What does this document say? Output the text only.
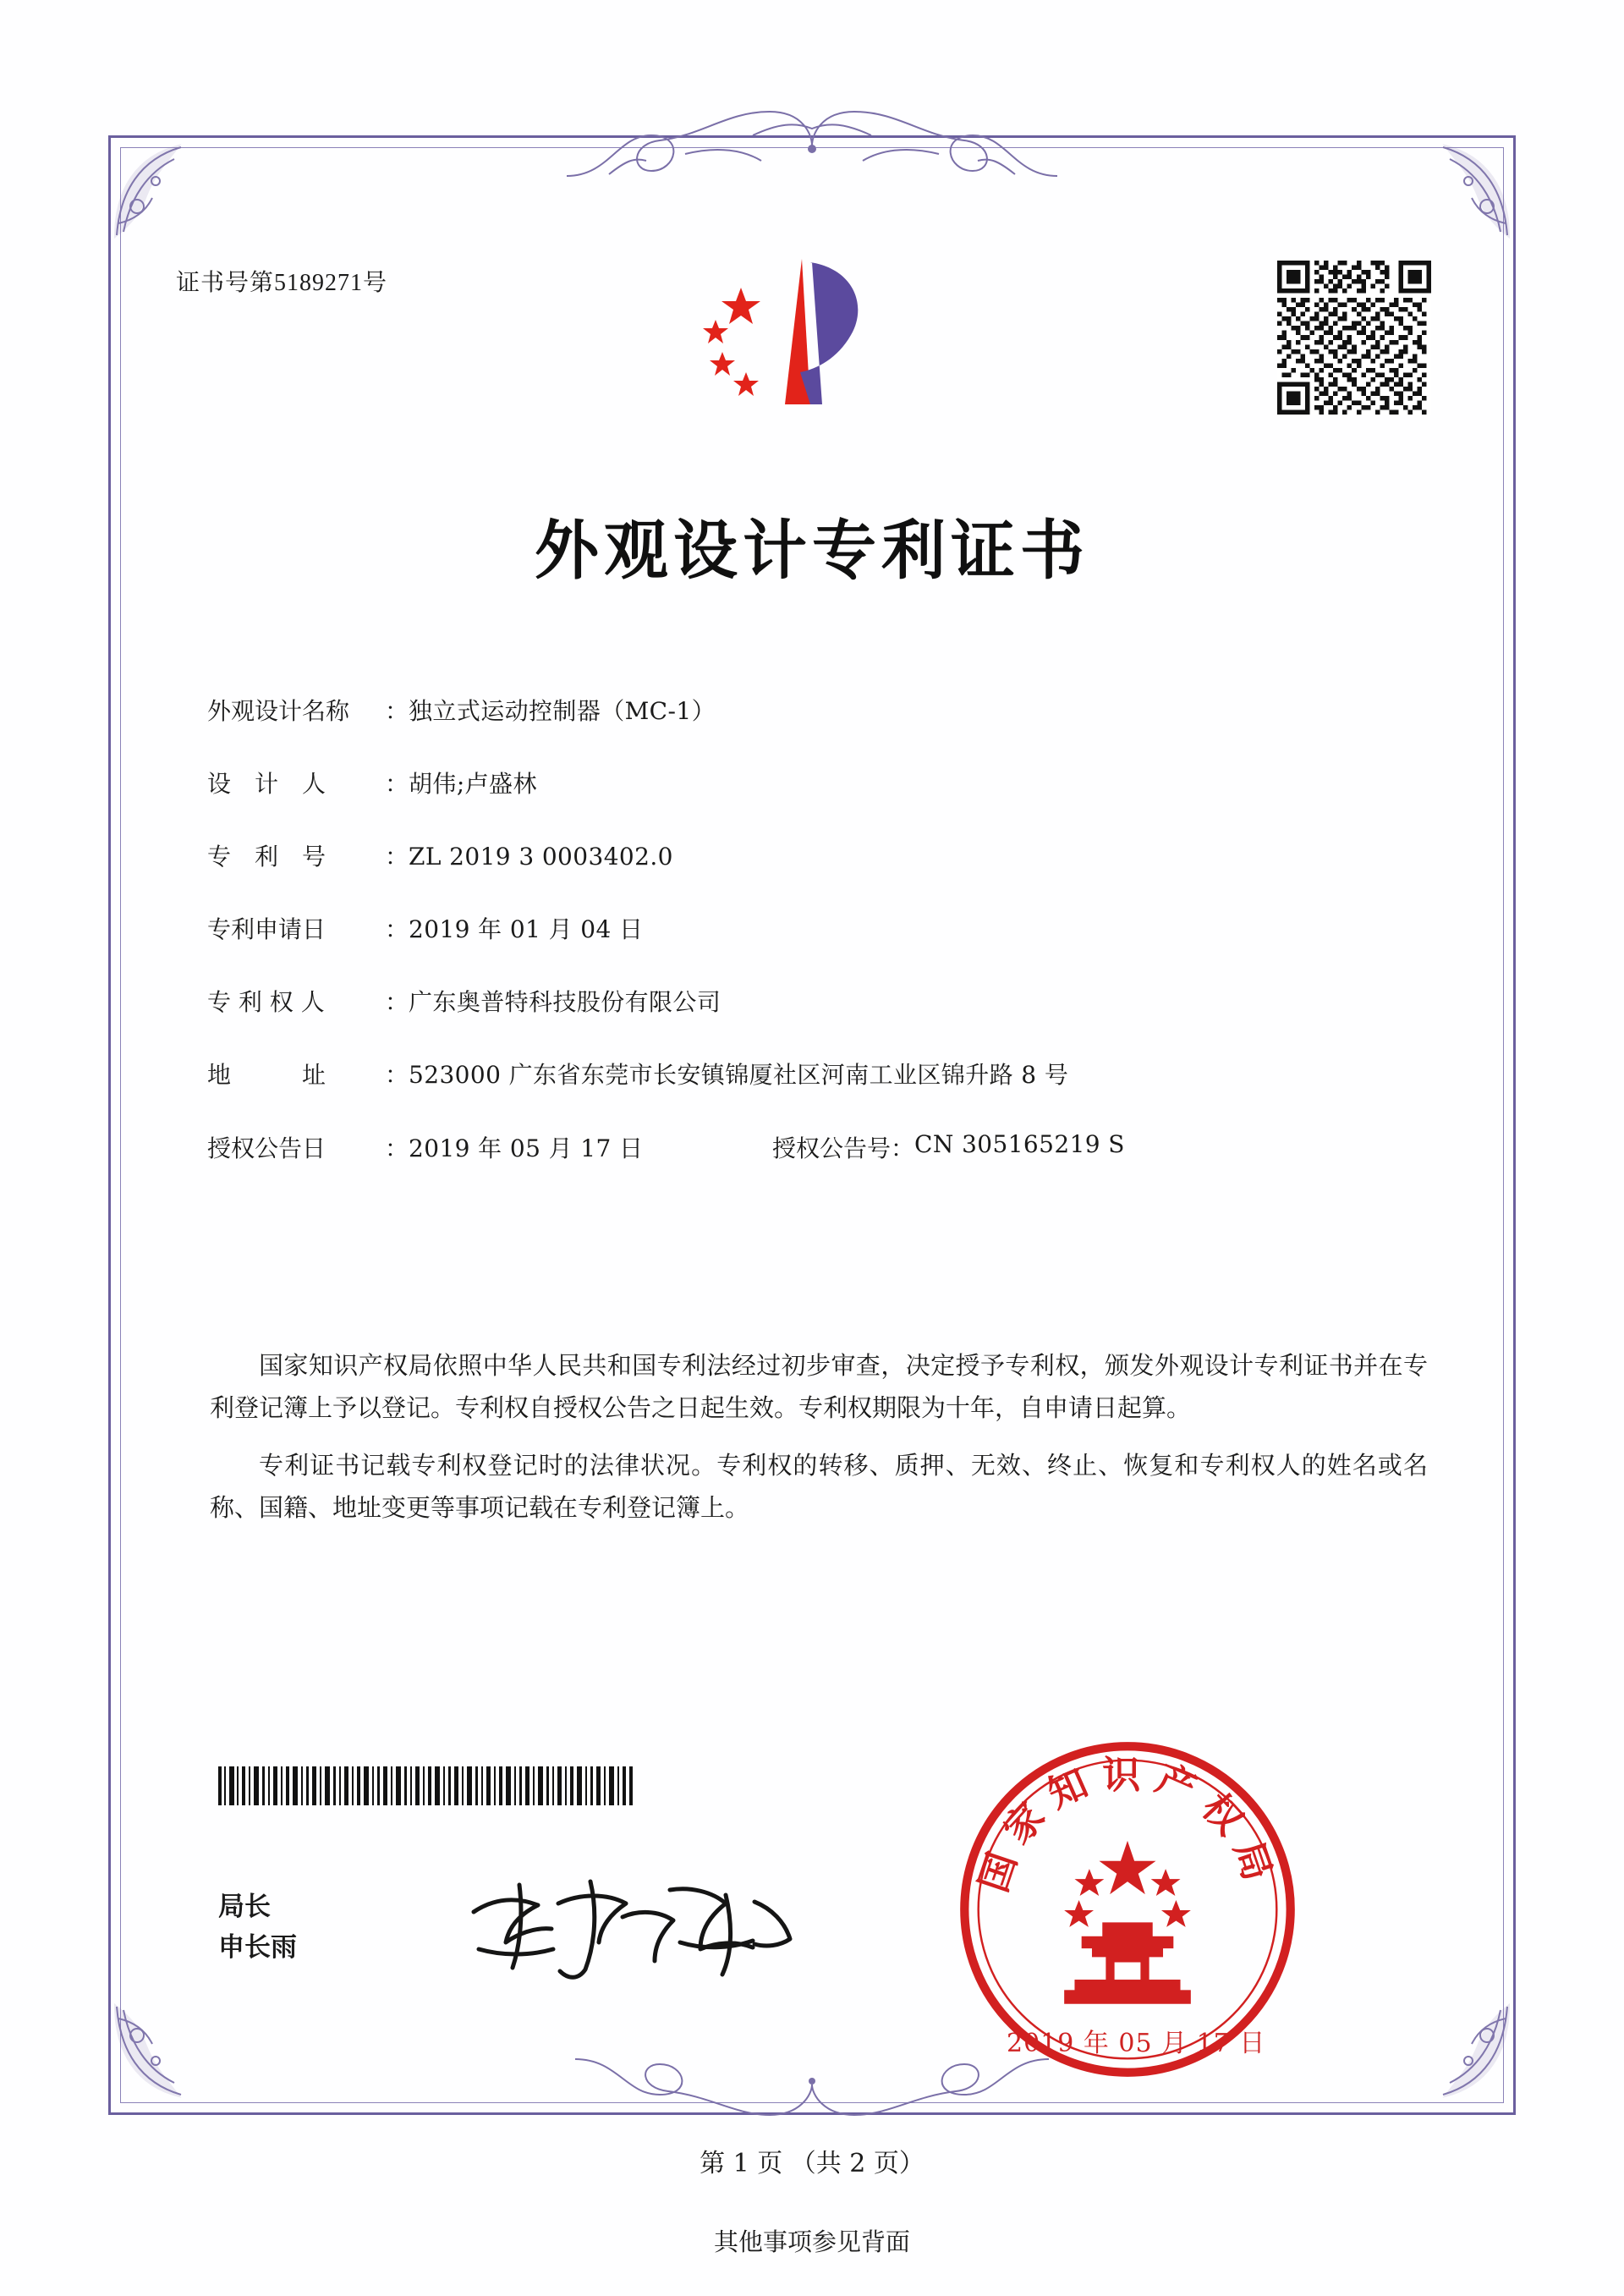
证书号第5189271号
外观设计专利证书
外观设计名称	： 独立式运动控制器（MC-1）
设　计　人	： 胡伟;卢盛林
专　利　号	： ZL 2019 3 0003402.0
专利申请日	： 2019 年 01 月 04 日
专 利 权 人	： 广东奥普特科技股份有限公司
地　　　址	： 523000 广东省东莞市长安镇锦厦社区河南工业区锦升路 8 号
授权公告日	： 2019 年 05 月 17 日	授权公告号 ： CN 305165219 S

国家知识产权局依照中华人民共和国专利法经过初步审查，决定授予专利权，颁发外观设计专利证书并在专利登记簿上予以登记。专利权自授权公告之日起生效。专利权期限为十年，自申请日起算。

专利证书记载专利权登记时的法律状况。专利权的转移、质押、无效、终止、恢复和专利权人的姓名或名称、国籍、地址变更等事项记载在专利登记簿上。

局长
申长雨
国家知识产权局
2019 年 05 月 17 日
第 1 页 （共 2 页）
其他事项参见背面
